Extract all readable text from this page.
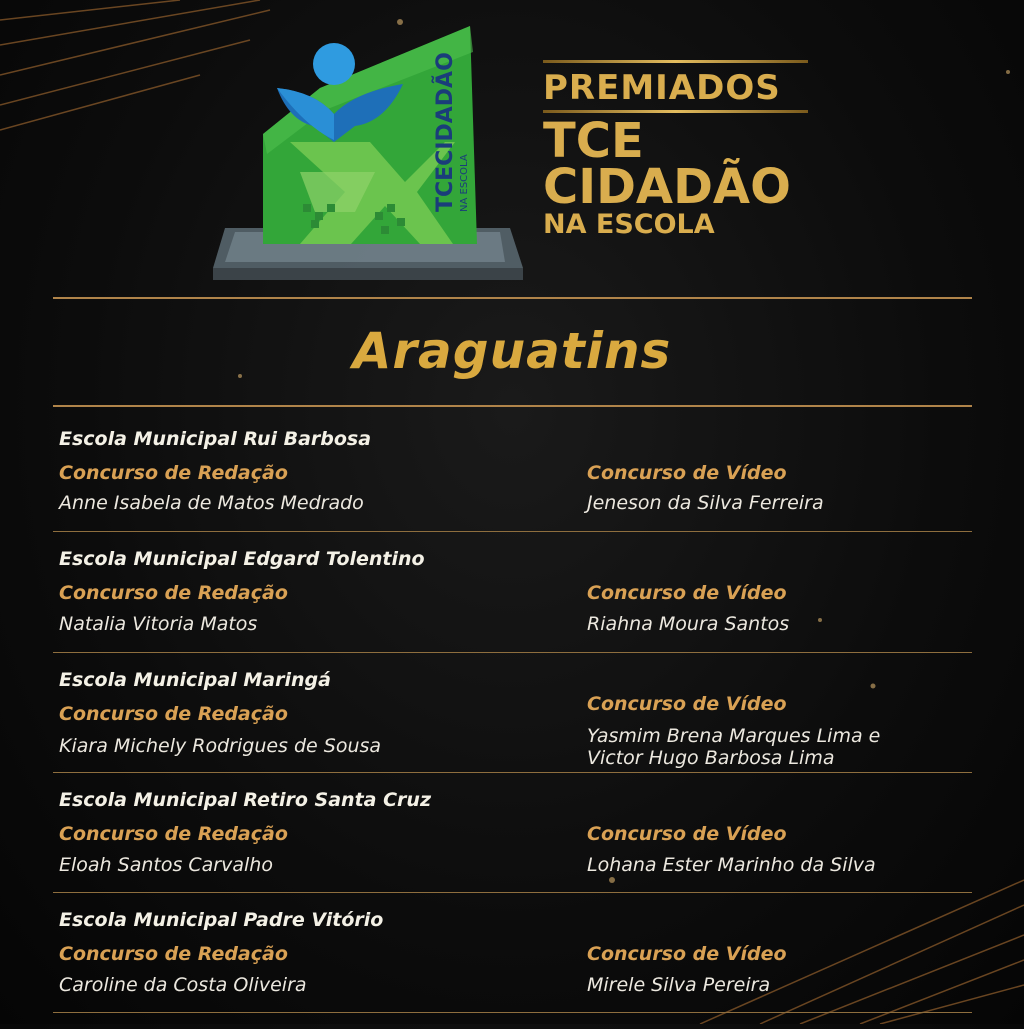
TCECIDADÃO NA ESCOLA
PREMIADOS
TCE
CIDADÃO
NA ESCOLA
Araguatins
Escola Municipal Rui Barbosa
Concurso de Redação
Anne Isabela de Matos Medrado
Concurso de Vídeo
Jeneson da Silva Ferreira
Escola Municipal Edgard Tolentino
Concurso de Redação
Natalia Vitoria Matos
Concurso de Vídeo
Riahna Moura Santos
Escola Municipal Maringá
Concurso de Redação
Kiara Michely Rodrigues de Sousa
Concurso de Vídeo
Yasmim Brena Marques Lima e
Victor Hugo Barbosa Lima
Escola Municipal Retiro Santa Cruz
Concurso de Redação
Eloah Santos Carvalho
Concurso de Vídeo
Lohana Ester Marinho da Silva
Escola Municipal Padre Vitório
Concurso de Redação
Caroline da Costa Oliveira
Concurso de Vídeo
Mirele Silva Pereira
